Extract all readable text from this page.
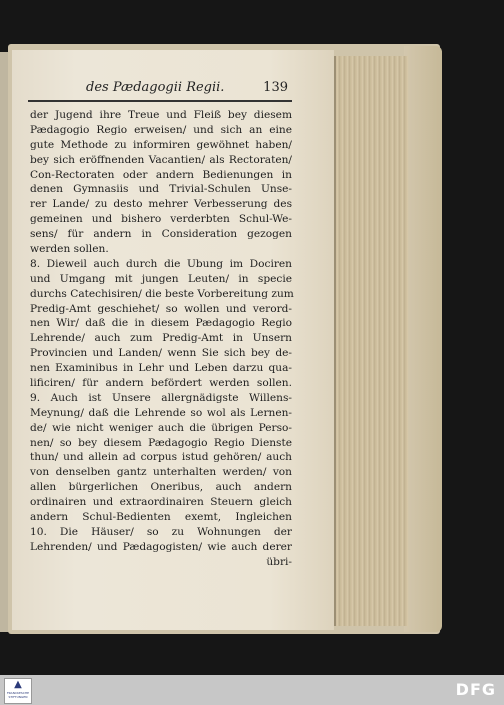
des Pædagogii Regii.	139
der Jugend ihre Treue und Fleiß bey diesem
Pædagogio Regio erweisen/ und sich an eine
gute Methode zu informiren gewöhnet haben/
bey sich eröffnenden Vacantien/ als Rectoraten/
Con-Rectoraten oder andern Bedienungen in
denen Gymnasiis und Trivial-Schulen Unse-
rer Lande/ zu desto mehrer Verbesserung des
gemeinen und bishero verderbten Schul-We-
sens/ für andern in Consideration gezogen
werden sollen.
8. Dieweil auch durch die Ubung im Dociren
und Umgang mit jungen Leuten/ in specie
durchs Catechisiren/ die beste Vorbereitung zum
Predig-Amt geschiehet/ so wollen und verord-
nen Wir/ daß die in diesem Pædagogio Regio
Lehrende/ auch zum Predig-Amt in Unsern
Provincien und Landen/ wenn Sie sich bey de-
nen Examinibus in Lehr und Leben darzu qua-
lificiren/ für andern befördert werden sollen.
9. Auch ist Unsere allergnädigste Willens-
Meynung/ daß die Lehrende so wol als Lernen-
de/ wie nicht weniger auch die übrigen Perso-
nen/ so bey diesem Pædagogio Regio Dienste
thun/ und allein ad corpus istud gehören/ auch
von denselben gantz unterhalten werden/ von
allen bürgerlichen Oneribus, auch andern
ordinairen und extraordinairen Steuern gleich
andern Schul-Bedienten exemt, Ingleichen
10. Die Häuser/ so zu Wohnungen der
Lehrenden/ und Pædagogisten/ wie auch derer
übri-
▲
FRANCKESCHE STIFTUNGEN	DFG
